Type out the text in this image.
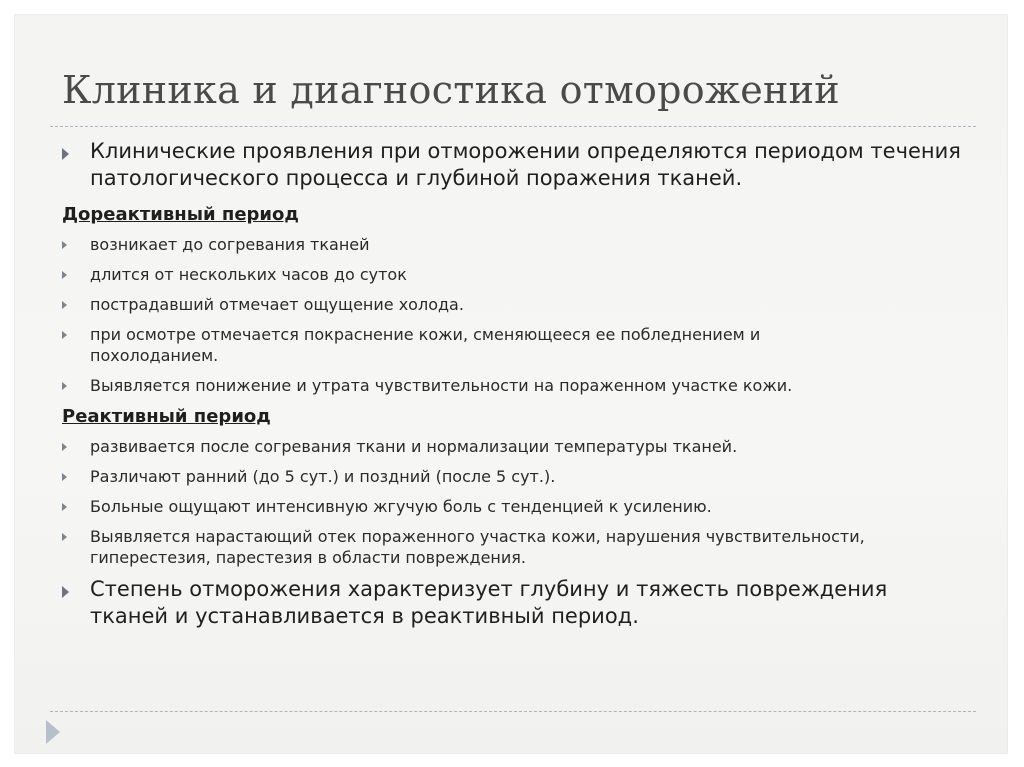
Клиника и диагностика отморожений
Клинические проявления при отморожении определяются периодом течения патологического процесса и глубиной поражения тканей.
Дореактивный период
возникает до согревания тканей
длится от нескольких часов до суток
пострадавший отмечает ощущение холода.
при осмотре отмечается покраснение кожи, сменяющееся ее побледнением и похолоданием.
Выявляется понижение и утрата чувствительности на пораженном участке кожи.
Реактивный период
развивается после согревания ткани и нормализации температуры тканей.
Различают ранний (до 5 сут.) и поздний (после 5 сут.).
Больные ощущают интенсивную жгучую боль с тенденцией к усилению.
Выявляется нарастающий отек пораженного участка кожи, нарушения чувствительности, гиперестезия, парестезия в области повреждения.
Степень отморожения характеризует глубину и тяжесть повреждения тканей и устанавливается в реактивный период.
